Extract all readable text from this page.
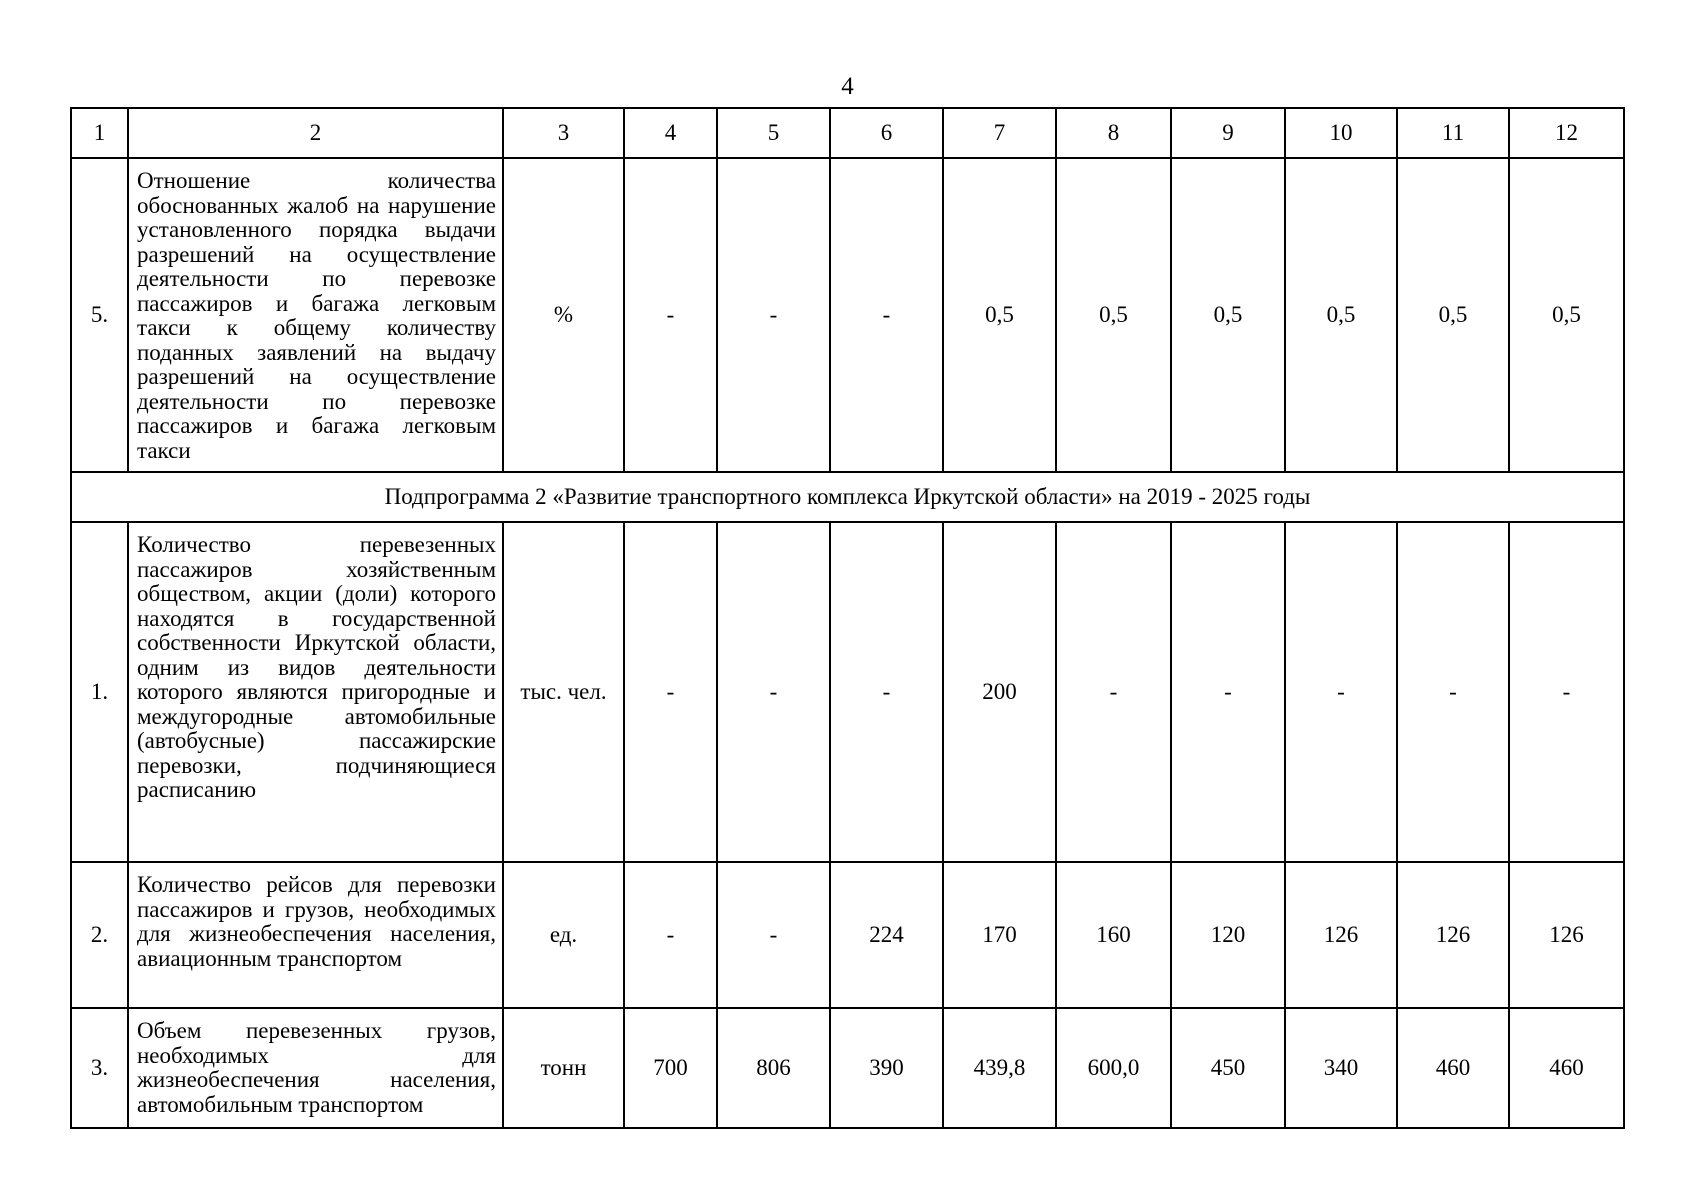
4
1	2	3	4	5	6	7	8	9	10	11	12
5.	Отношение количества обоснованных жалоб на нарушение установленного порядка выдачи разрешений на осуществление деятельности по перевозке пассажиров и багажа легковым такси к общему количеству поданных заявлений на выдачу разрешений на осуществление деятельности по перевозке пассажиров и багажа легковым такси	%	-	-	-	0,5	0,5	0,5	0,5	0,5	0,5
Подпрограмма 2 «Развитие транспортного комплекса Иркутской области» на 2019 - 2025 годы											
1.	Количество перевезенных пассажиров хозяйственным обществом, акции (доли) которого находятся в государственной собственности Иркутской области, одним из видов деятельности которого являются пригородные и междугородные автомобильные (автобусные) пассажирские перевозки, подчиняющиеся расписанию	тыс. чел.	-	-	-	200	-	-	-	-	-
2.	Количество рейсов для перевозки пассажиров и грузов, необходимых для жизнеобеспечения населения, авиационным транспортом	ед.	-	-	224	170	160	120	126	126	126
3.	Объем перевезенных грузов, необходимых для жизнеобеспечения населения, автомобильным транспортом	тонн	700	806	390	439,8	600,0	450	340	460	460
